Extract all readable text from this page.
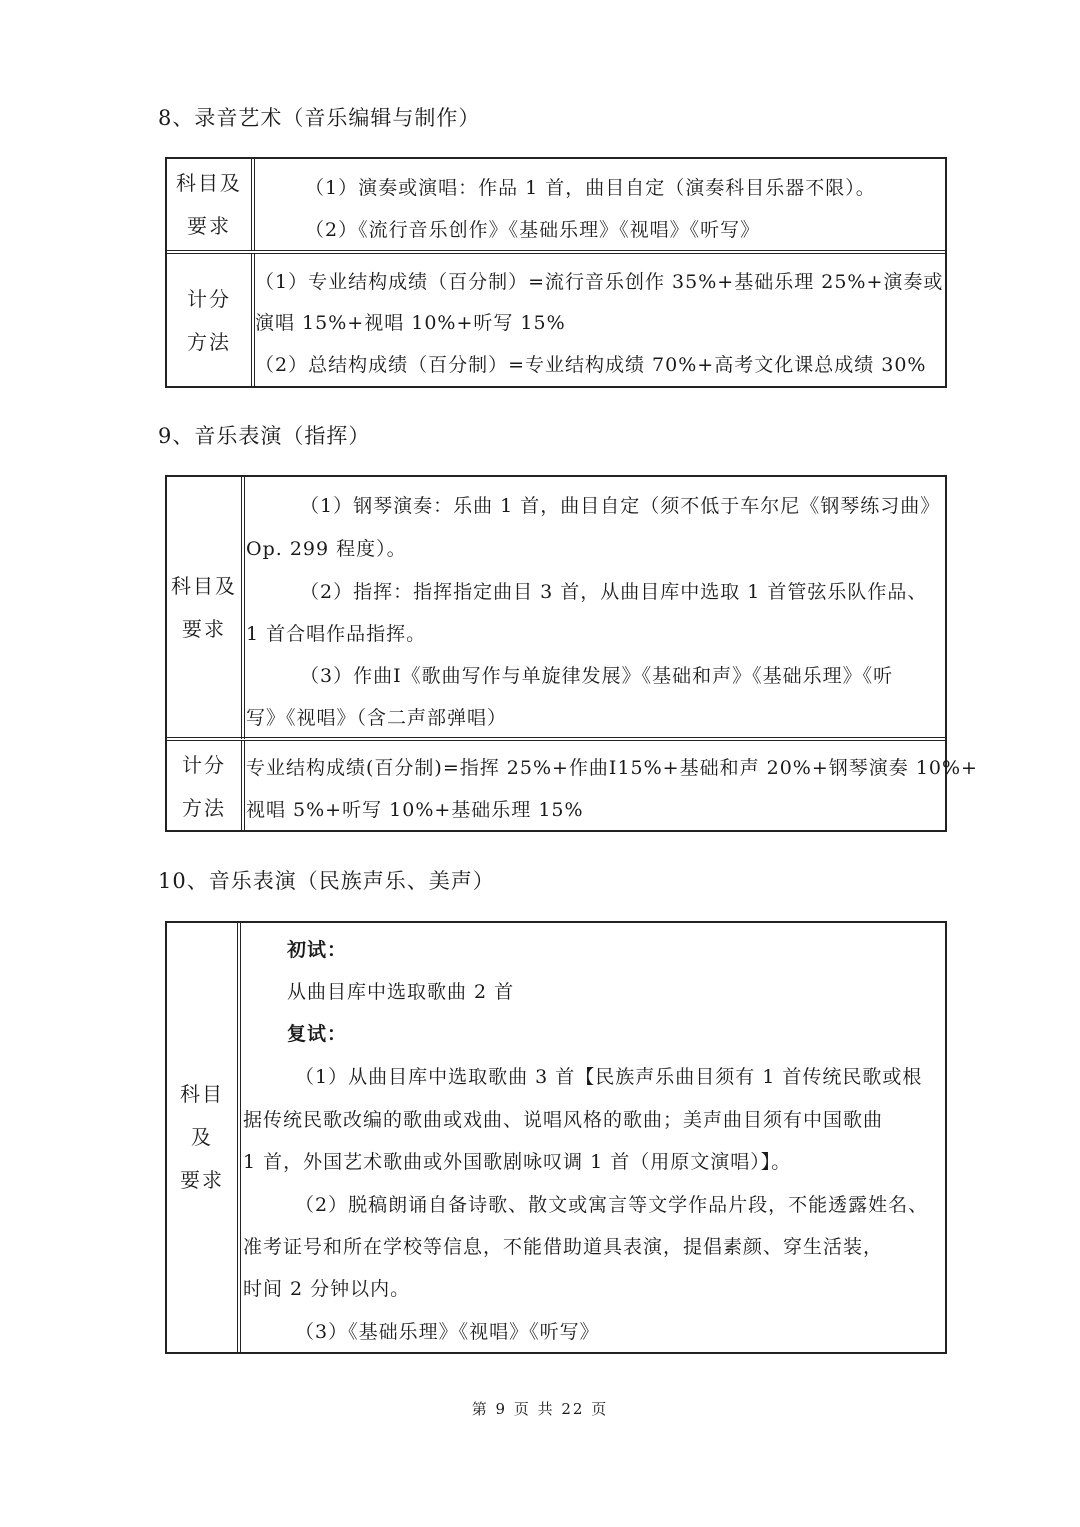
8、录音艺术（音乐编辑与制作）
科目及
要求
计分
方法
（1）演奏或演唱：作品 1 首，曲目自定（演奏科目乐器不限）。
（2）《流行音乐创作》《基础乐理》《视唱》《听写》
（1）专业结构成绩（百分制）=流行音乐创作 35%+基础乐理 25%+演奏或
演唱 15%+视唱 10%+听写 15%
（2）总结构成绩（百分制）=专业结构成绩 70%+高考文化课总成绩 30%
9、音乐表演（指挥）
科目及
要求
计分
方法
（1）钢琴演奏：乐曲 1 首，曲目自定（须不低于车尔尼《钢琴练习曲》
Op. 299 程度）。
（2）指挥：指挥指定曲目 3 首，从曲目库中选取 1 首管弦乐队作品、
1 首合唱作品指挥。
（3）作曲Ⅰ《歌曲写作与单旋律发展》《基础和声》《基础乐理》《听
写》《视唱》（含二声部弹唱）
专业结构成绩(百分制)=指挥 25%+作曲Ⅰ15%+基础和声 20%+钢琴演奏 10%+
视唱 5%+听写 10%+基础乐理 15%
10、音乐表演（民族声乐、美声）
科目
及
要求
初试：
从曲目库中选取歌曲 2 首
复试：
（1）从曲目库中选取歌曲 3 首【民族声乐曲目须有 1 首传统民歌或根
据传统民歌改编的歌曲或戏曲、说唱风格的歌曲；美声曲目须有中国歌曲
1 首，外国艺术歌曲或外国歌剧咏叹调 1 首（用原文演唱）】。
（2）脱稿朗诵自备诗歌、散文或寓言等文学作品片段，不能透露姓名、
准考证号和所在学校等信息，不能借助道具表演，提倡素颜、穿生活装，
时间 2 分钟以内。
（3）《基础乐理》《视唱》《听写》
第 9 页 共 22 页
